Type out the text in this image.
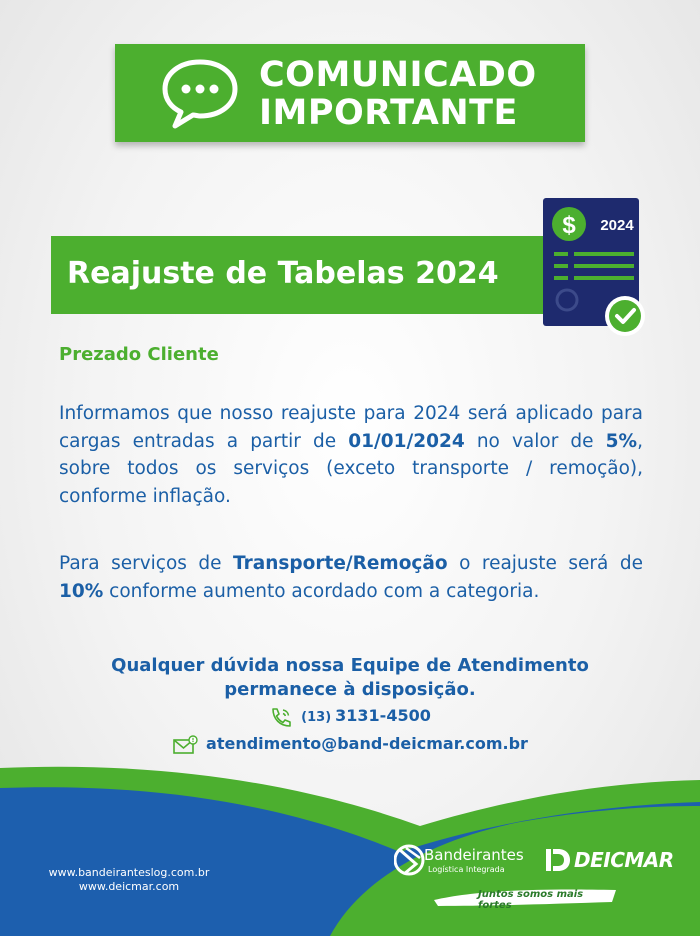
COMUNICADO
IMPORTANTE
Reajuste de Tabelas 2024
$ 2024
Prezado Cliente

Informamos que nosso reajuste para 2024 será aplicado para cargas entradas a partir de 01/01/2024 no valor de 5%, sobre todos os serviços (exceto transporte / remoção), conforme inflação.

Para serviços de Transporte/Remoção o reajuste será de 10% conforme aumento acordado com a categoria.

Qualquer dúvida nossa Equipe de Atendimento
permanece à disposição.
(13) 3131-4500
atendimento@band-deicmar.com.br
www.bandeiranteslog.com.br
www.deicmar.com
Bandeirantes
Logística Integrada	DEICMAR
Juntos somos mais fortes
